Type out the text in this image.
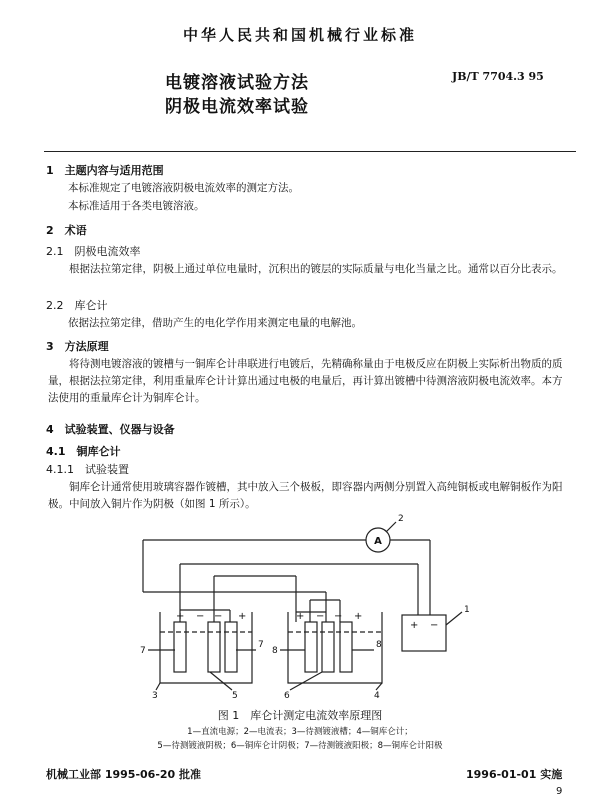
中华人民共和国机械行业标准
电镀溶液试验方法
阴极电流效率试验
JB/T 7704.3 95
1　主题内容与适用范围
本标准规定了电镀溶液阴极电流效率的测定方法。
本标准适用于各类电镀溶液。
2　术语
2.1　阴极电流效率
根据法拉第定律，阴极上通过单位电量时，沉积出的镀层的实际质量与电化当量之比。通常以百分比表示。
2.2　库仑计
依据法拉第定律，借助产生的电化学作用来测定电量的电解池。
3　方法原理
将待测电镀溶液的镀槽与一铜库仑计串联进行电镀后，先精确称量由于电极反应在阴极上实际析出物质的质量，根据法拉第定律，利用重量库仑计计算出通过电极的电量后，再计算出镀槽中待测溶液阴极电流效率。本方法使用的重量库仑计为铜库仑计。
4　试验装置、仪器与设备
4.1　铜库仑计
4.1.1　试验装置
铜库仑计通常使用玻璃容器作镀槽，其中放入三个极板，即容器内两侧分别置入高纯铜板或电解铜板作为阳极。中间放入铜片作为阴极（如图 1 所示）。
A
2
1
7
7
8
8
3	5	6	4
+ − − +	+ − − +
+ −
图 1　库仑计测定电流效率原理图
1—直流电源；2—电流表；3—待测镀液槽；4—铜库仑计；
5—待测镀液阴极；6—铜库仑计阴极；7—待测镀液阳极；8—铜库仑计阳极
机械工业部 1995-06-20 批准	1996-01-01 实施
9
